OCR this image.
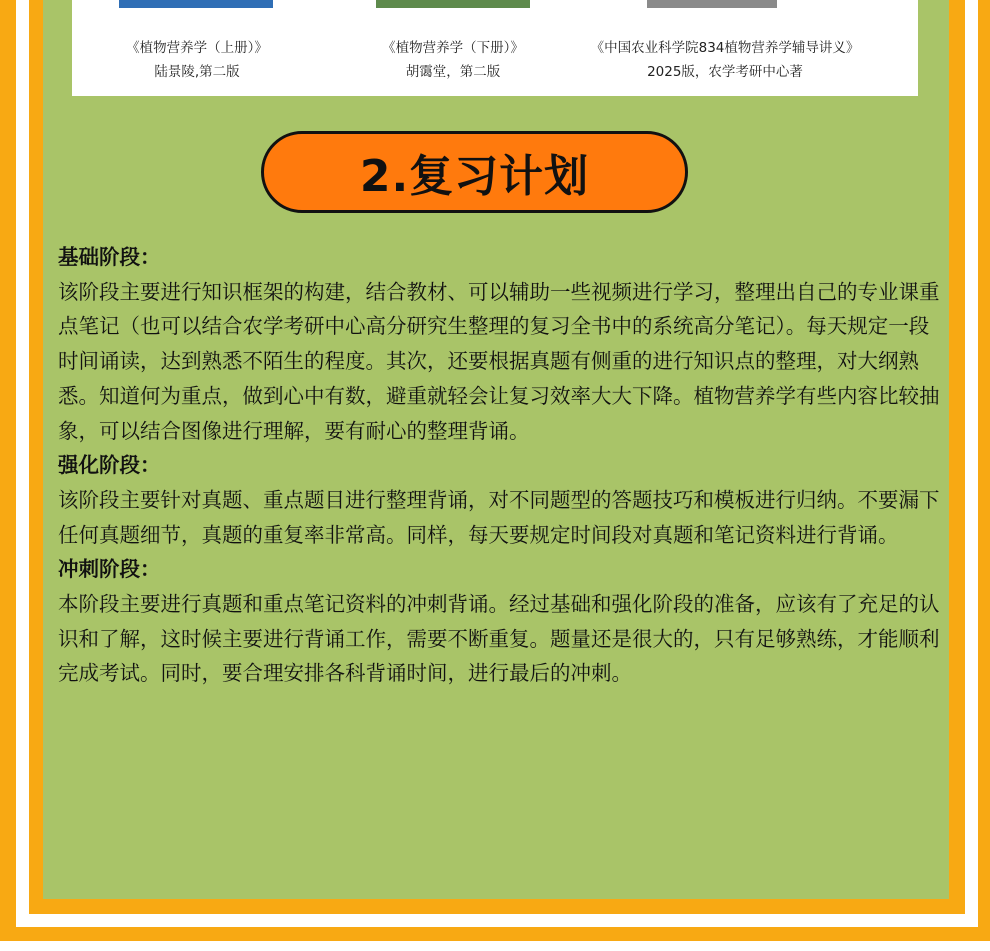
《植物营养学（上册）》
陆景陵,第二版
《植物营养学（下册）》
胡霭堂，第二版
《中国农业科学院834植物营养学辅导讲义》
2025版，农学考研中心著
2.复习计划

基础阶段：

该阶段主要进行知识框架的构建，结合教材、可以辅助一些视频进行学习，整理出自己的专业课重点笔记（也可以结合农学考研中心高分研究生整理的复习全书中的系统高分笔记）。每天规定一段时间诵读，达到熟悉不陌生的程度。其次，还要根据真题有侧重的进行知识点的整理，对大纲熟悉。知道何为重点，做到心中有数，避重就轻会让复习效率大大下降。植物营养学有些内容比较抽象，可以结合图像进行理解，要有耐心的整理背诵。

强化阶段：

该阶段主要针对真题、重点题目进行整理背诵，对不同题型的答题技巧和模板进行归纳。不要漏下任何真题细节，真题的重复率非常高。同样，每天要规定时间段对真题和笔记资料进行背诵。

冲刺阶段：

本阶段主要进行真题和重点笔记资料的冲刺背诵。经过基础和强化阶段的准备，应该有了充足的认识和了解，这时候主要进行背诵工作，需要不断重复。题量还是很大的，只有足够熟练，才能顺利完成考试。同时，要合理安排各科背诵时间，进行最后的冲刺。
